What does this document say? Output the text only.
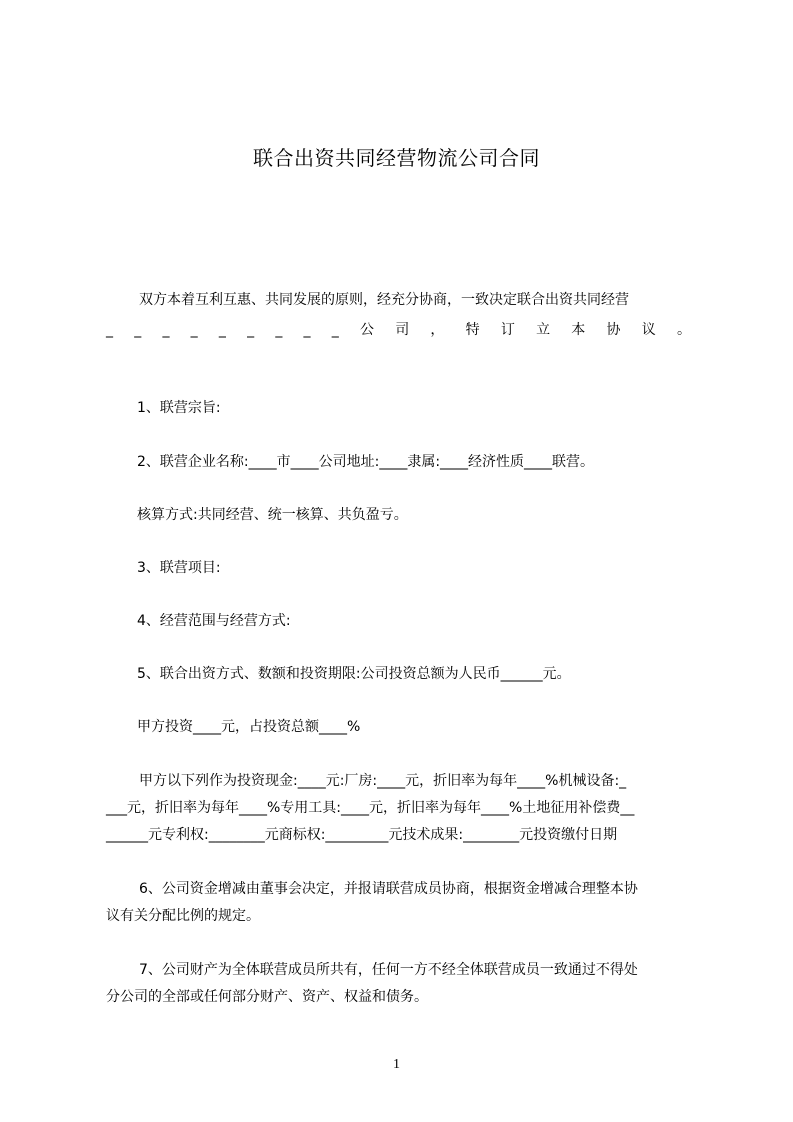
联合出资共同经营物流公司合同
双方本着互利互惠、共同发展的原则，经充分协商，一致决定联合出资共同经营
_ _ _ _ _ _ _ _ _ 公 司 ， 特 订 立 本 协 议 。
1、联营宗旨:
2、联营企业名称:____市____公司地址:____隶属:____经济性质____联营。
核算方式:共同经营、统一核算、共负盈亏。
3、联营项目:
4、经营范围与经营方式:
5、联合出资方式、数额和投资期限:公司投资总额为人民币______元。
甲方投资____元，占投资总额____%
甲方以下列作为投资现金:____元:厂房:____元，折旧率为每年____%机械设备:_
___元，折旧率为每年____%专用工具:____元，折旧率为每年____%土地征用补偿费__
______元专利权:________元商标权:_________元技术成果:________元投资缴付日期
6、公司资金增减由董事会决定，并报请联营成员协商，根据资金增减合理整本协
议有关分配比例的规定。
7、公司财产为全体联营成员所共有，任何一方不经全体联营成员一致通过不得处
分公司的全部或任何部分财产、资产、权益和债务。
1
